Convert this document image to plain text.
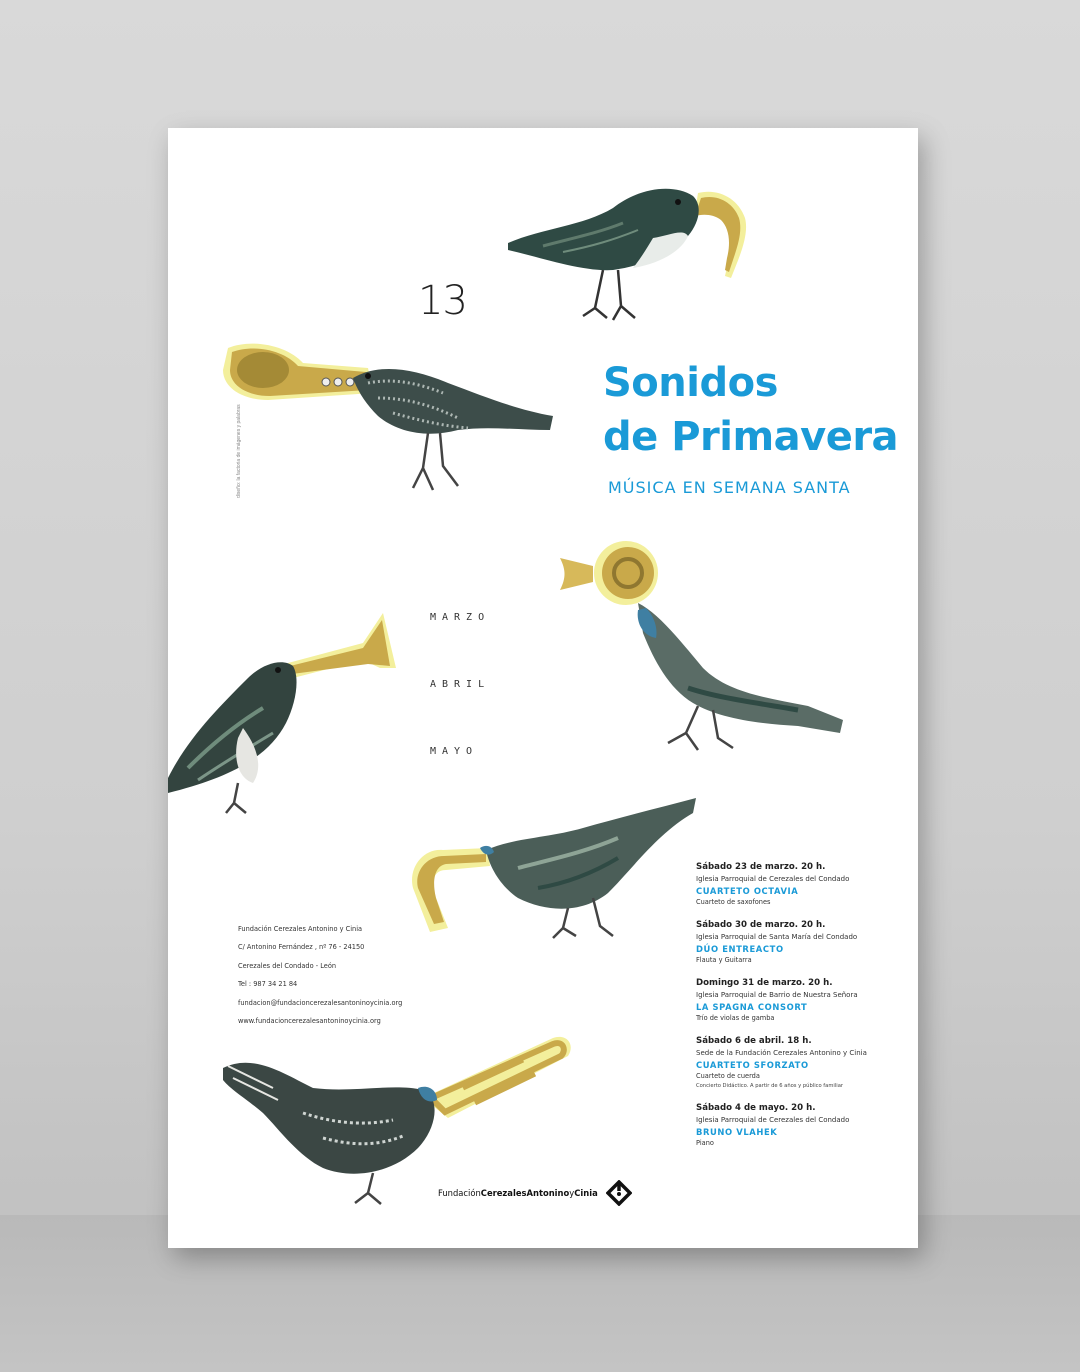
13
Sonidos
de Primavera
MÚSICA EN SEMANA SANTA
diseño: la factoria de imágenes y palabras
MARZO
ABRIL
MAYO
Fundación Cerezales Antonino y Cinia
C/ Antonino Fernández , nº 76 - 24150
Cerezales del Condado - León
Tel : 987 34 21 84
fundacion@fundacioncerezalesantoninoycinia.org
www.fundacioncerezalesantoninoycinia.org
Sábado 23 de marzo. 20 h.
Iglesia Parroquial de Cerezales del Condado
CUARTETO OCTAVIA
Cuarteto de saxofones
Sábado 30 de marzo. 20 h.
Iglesia Parroquial de Santa María del Condado
DÚO ENTREACTO
Flauta y Guitarra
Domingo 31 de marzo. 20 h.
Iglesia Parroquial de Barrio de Nuestra Señora
LA SPAGNA CONSORT
Trío de violas de gamba
Sábado 6 de abril. 18 h.
Sede de la Fundación Cerezales Antonino y Cinia
CUARTETO SFORZATO
Cuarteto de cuerda
Concierto Didáctico. A partir de 6 años y público familiar
Sábado 4 de mayo. 20 h.
Iglesia Parroquial de Cerezales del Condado
BRUNO VLAHEK
Piano
FundaciónCerezalesAntoninoyCinia
